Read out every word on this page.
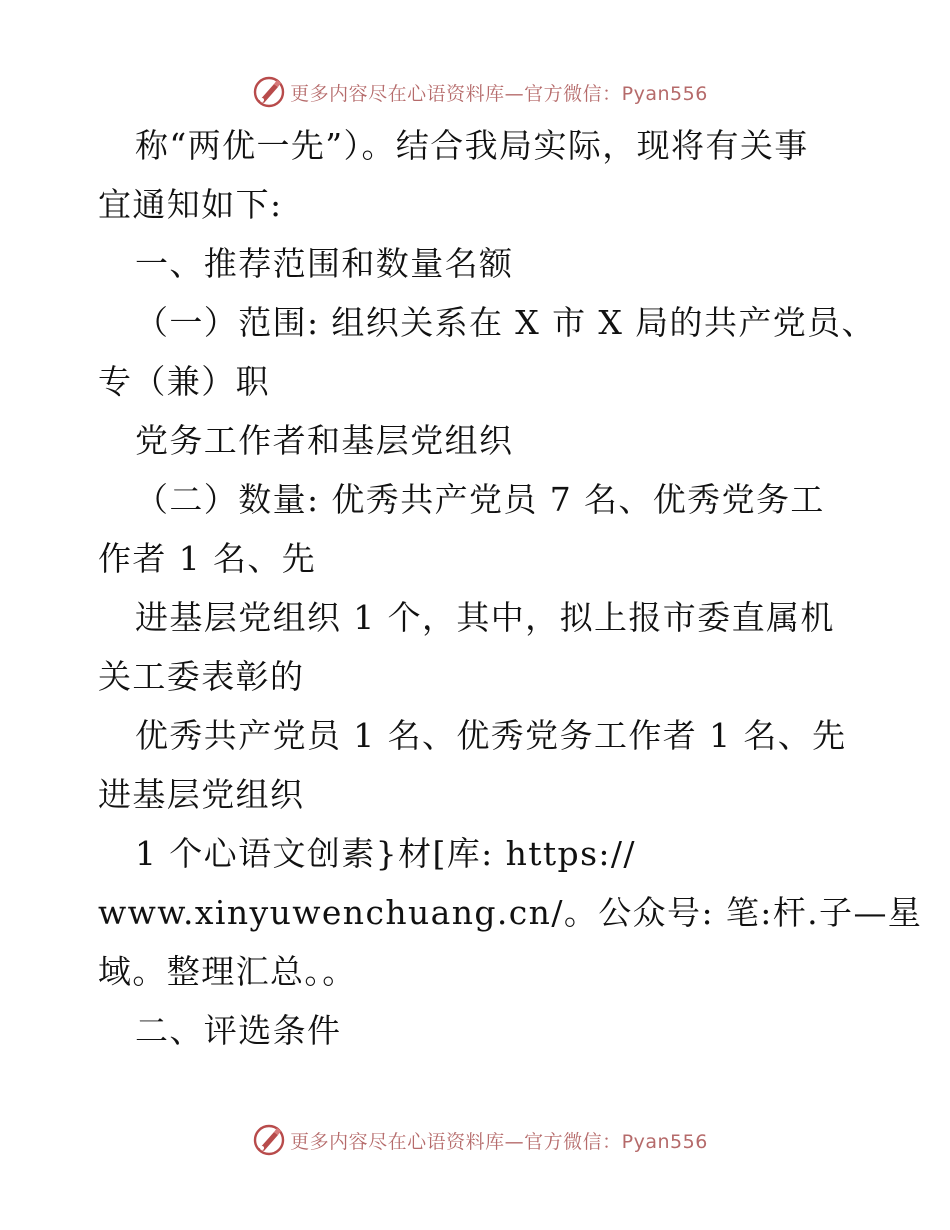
更多内容尽在心语资料库—官方微信：Pyan556
称“两优一先”）。结合我局实际，现将有关事
宜通知如下:
一、推荐范围和数量名额
（一）范围: 组织关系在 X 市 X 局的共产党员、
专（兼）职
党务工作者和基层党组织
（二）数量: 优秀共产党员 7 名、优秀党务工
作者 1 名、先
进基层党组织 1 个，其中，拟上报市委直属机
关工委表彰的
优秀共产党员 1 名、优秀党务工作者 1 名、先
进基层党组织
1 个心语文创素}材[库: https://
www.xinyuwenchuang.cn/。公众号: 笔:杆.子—星
域。整理汇总。。
二、评选条件
更多内容尽在心语资料库—官方微信：Pyan556
